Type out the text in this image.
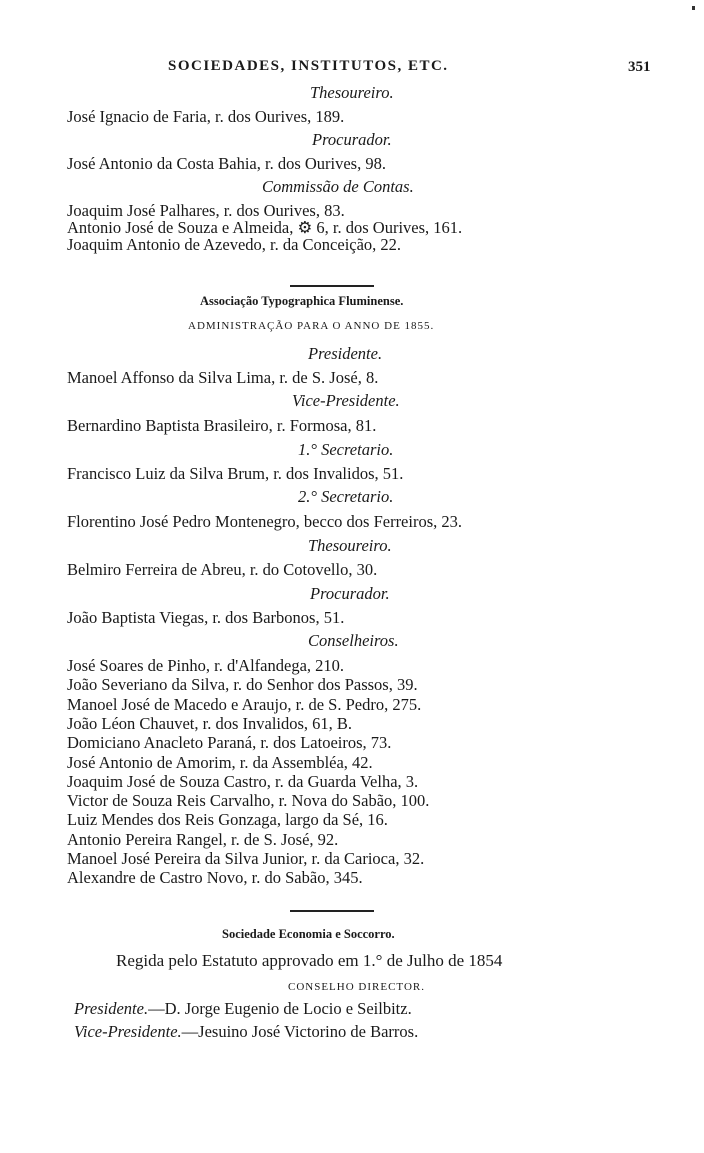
SOCIEDADES, INSTITUTOS, ETC.	351
Thesoureiro.
José Ignacio de Faria, r. dos Ourives, 189.
Procurador.
José Antonio da Costa Bahia, r. dos Ourives, 98.
Commissão de Contas.
Joaquim José Palhares, r. dos Ourives, 83.
Antonio José de Souza e Almeida, ⚙ 6, r. dos Ourives, 161.
Joaquim Antonio de Azevedo, r. da Conceição, 22.
Associação Typographica Fluminense.
ADMINISTRAÇÃO PARA O ANNO DE 1855.
Presidente.
Manoel Affonso da Silva Lima, r. de S. José, 8.
Vice-Presidente.
Bernardino Baptista Brasileiro, r. Formosa, 81.
1.° Secretario.
Francisco Luiz da Silva Brum, r. dos Invalidos, 51.
2.° Secretario.
Florentino José Pedro Montenegro, becco dos Ferreiros, 23.
Thesoureiro.
Belmiro Ferreira de Abreu, r. do Cotovello, 30.
Procurador.
João Baptista Viegas, r. dos Barbonos, 51.
Conselheiros.
José Soares de Pinho, r. d'Alfandega, 210.
João Severiano da Silva, r. do Senhor dos Passos, 39.
Manoel José de Macedo e Araujo, r. de S. Pedro, 275.
João Léon Chauvet, r. dos Invalidos, 61, B.
Domiciano Anacleto Paraná, r. dos Latoeiros, 73.
José Antonio de Amorim, r. da Assembléa, 42.
Joaquim José de Souza Castro, r. da Guarda Velha, 3.
Victor de Souza Reis Carvalho, r. Nova do Sabão, 100.
Luiz Mendes dos Reis Gonzaga, largo da Sé, 16.
Antonio Pereira Rangel, r. de S. José, 92.
Manoel José Pereira da Silva Junior, r. da Carioca, 32.
Alexandre de Castro Novo, r. do Sabão, 345.
Sociedade Economia e Soccorro.
Regida pelo Estatuto approvado em 1.° de Julho de 1854
CONSELHO DIRECTOR.
Presidente.—D. Jorge Eugenio de Locio e Seilbitz.
Vice-Presidente.—Jesuino José Victorino de Barros.
